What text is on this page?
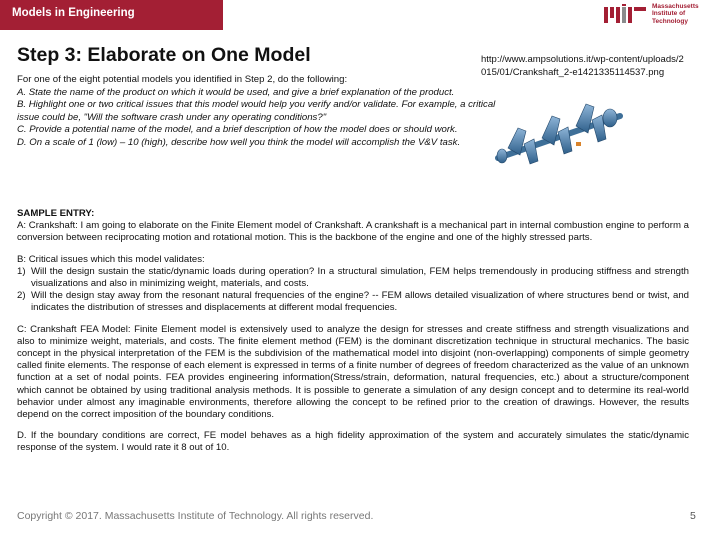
Models in Engineering
Massachusetts
Institute of
Technology
Step 3: Elaborate on One Model	http://www.ampsolutions.it/wp-content/uploads/2015/01/Crankshaft_2-e1421335114537.png
For one of the eight potential models you identified in Step 2, do the following:
A. State the name of the product on which it would be used, and give a brief explanation of the product.
B. Highlight one or two critical issues that this model would help you verify and/or validate. For example, a critical issue could be, "Will the software crash under any operating conditions?"
C. Provide a potential name of the model, and a brief description of how the model does or should work.
D. On a scale of 1 (low) – 10 (high), describe how well you think the model will accomplish the V&V task.

SAMPLE ENTRY:
A: Crankshaft: I am going to elaborate on the Finite Element model of Crankshaft. A crankshaft is a mechanical part in internal combustion engine to perform a conversion between reciprocating motion and rotational motion. This is the backbone of the engine and one of the highly stressed parts.

B: Critical issues which this model validates:

1) Will the design sustain the static/dynamic loads during operation? In a structural simulation, FEM helps tremendously in producing stiffness and strength visualizations and also in minimizing weight, materials, and costs.
2) Will the design stay away from the resonant natural frequencies of the engine? -- FEM allows detailed visualization of where structures bend or twist, and indicates the distribution of stresses and displacements at different modal frequencies.

C: Crankshaft FEA Model: Finite Element model is extensively used to analyze the design for stresses and create stiffness and strength visualizations and also to minimize weight, materials, and costs. The finite element method (FEM) is the dominant discretization technique in structural mechanics. The basic concept in the physical interpretation of the FEM is the subdivision of the mathematical model into disjoint (non-overlapping) components of simple geometry called finite elements. The response of each element is expressed in terms of a finite number of degrees of freedom characterized as the value of an unknown function at a set of nodal points. FEA provides engineering information(Stress/strain, deformation, natural frequencies, etc.) about a structure/component which cannot be obtained by using traditional analysis methods. It is possible to generate a simulation of any design concept and to determine its real-world behavior under almost any imaginable environments, therefore allowing the concept to be refined prior to the creation of drawings. However, the results depend on the correct imposition of the boundary conditions.

D. If the boundary conditions are correct, FE model behaves as a high fidelity approximation of the system and accurately simulates the static/dynamic response of the system. I would rate it 8 out of 10.

Copyright © 2017. Massachusetts Institute of Technology. All rights reserved.	5
